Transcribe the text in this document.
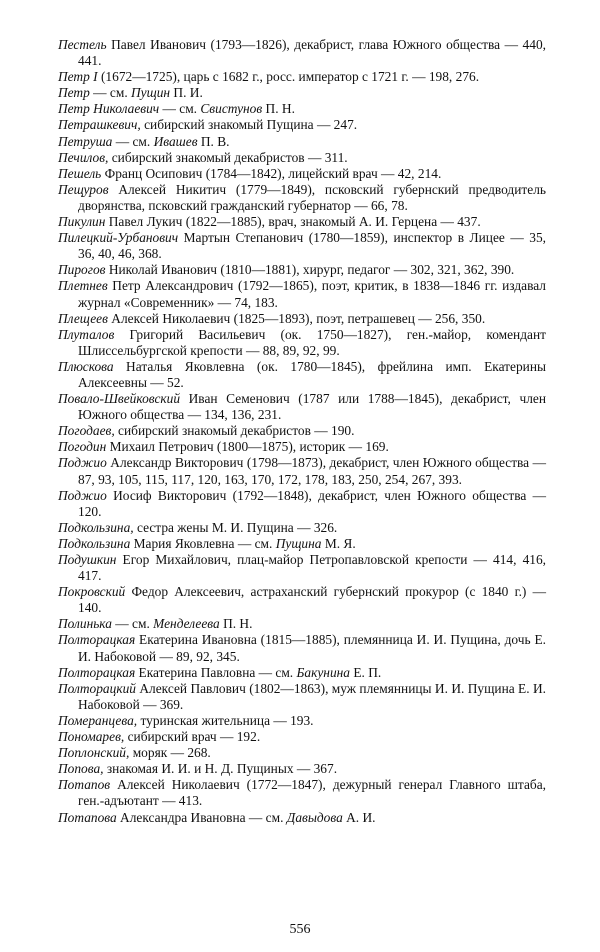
Пестель Павел Иванович (1793—1826), декабрист, глава Южного общества — 440, 441.

Петр I (1672—1725), царь с 1682 г., росс. император с 1721 г. — 198, 276.

Петр — см. Пущин П. И.

Петр Николаевич — см. Свистунов П. Н.

Петрашкевич, сибирский знакомый Пущина — 247.

Петруша — см. Ивашев П. В.

Печилов, сибирский знакомый декабристов — 311.

Пешель Франц Осипович (1784—1842), лицейский врач — 42, 214.

Пещуров Алексей Никитич (1779—1849), псковский губернский предводитель дворянства, псковский гражданский губернатор — 66, 78.

Пикулин Павел Лукич (1822—1885), врач, знакомый А. И. Герцена — 437.

Пилецкий-Урбанович Мартын Степанович (1780—1859), инспектор в Лицее — 35, 36, 40, 46, 368.

Пирогов Николай Иванович (1810—1881), хирург, педагог — 302, 321, 362, 390.

Плетнев Петр Александрович (1792—1865), поэт, критик, в 1838—1846 гг. издавал журнал «Современник» — 74, 183.

Плещеев Алексей Николаевич (1825—1893), поэт, петрашевец — 256, 350.

Плуталов Григорий Васильевич (ок. 1750—1827), ген.-майор, комендант Шлиссельбургской крепости — 88, 89, 92, 99.

Плюскова Наталья Яковлевна (ок. 1780—1845), фрейлина имп. Екатерины Алексеевны — 52.

Повало-Швейковский Иван Семенович (1787 или 1788—1845), декабрист, член Южного общества — 134, 136, 231.

Погодаев, сибирский знакомый декабристов — 190.

Погодин Михаил Петрович (1800—1875), историк — 169.

Поджио Александр Викторович (1798—1873), декабрист, член Южного общества — 87, 93, 105, 115, 117, 120, 163, 170, 172, 178, 183, 250, 254, 267, 393.

Поджио Иосиф Викторович (1792—1848), декабрист, член Южного общества — 120.

Подкользина, сестра жены М. И. Пущина — 326.

Подкользина Мария Яковлевна — см. Пущина М. Я.

Подушкин Егор Михайлович, плац-майор Петропавловской крепости — 414, 416, 417.

Покровский Федор Алексеевич, астраханский губернский прокурор (с 1840 г.) — 140.

Полинька — см. Менделеева П. Н.

Полторацкая Екатерина Ивановна (1815—1885), племянница И. И. Пущина, дочь Е. И. Набоковой — 89, 92, 345.

Полторацкая Екатерина Павловна — см. Бакунина Е. П.

Полторацкий Алексей Павлович (1802—1863), муж племянницы И. И. Пущина Е. И. Набоковой — 369.

Померанцева, туринская жительница — 193.

Пономарев, сибирский врач — 192.

Поплонский, моряк — 268.

Попова, знакомая И. И. и Н. Д. Пущиных — 367.

Потапов Алексей Николаевич (1772—1847), дежурный генерал Главного штаба, ген.-адъютант — 413.

Потапова Александра Ивановна — см. Давыдова А. И.

556
